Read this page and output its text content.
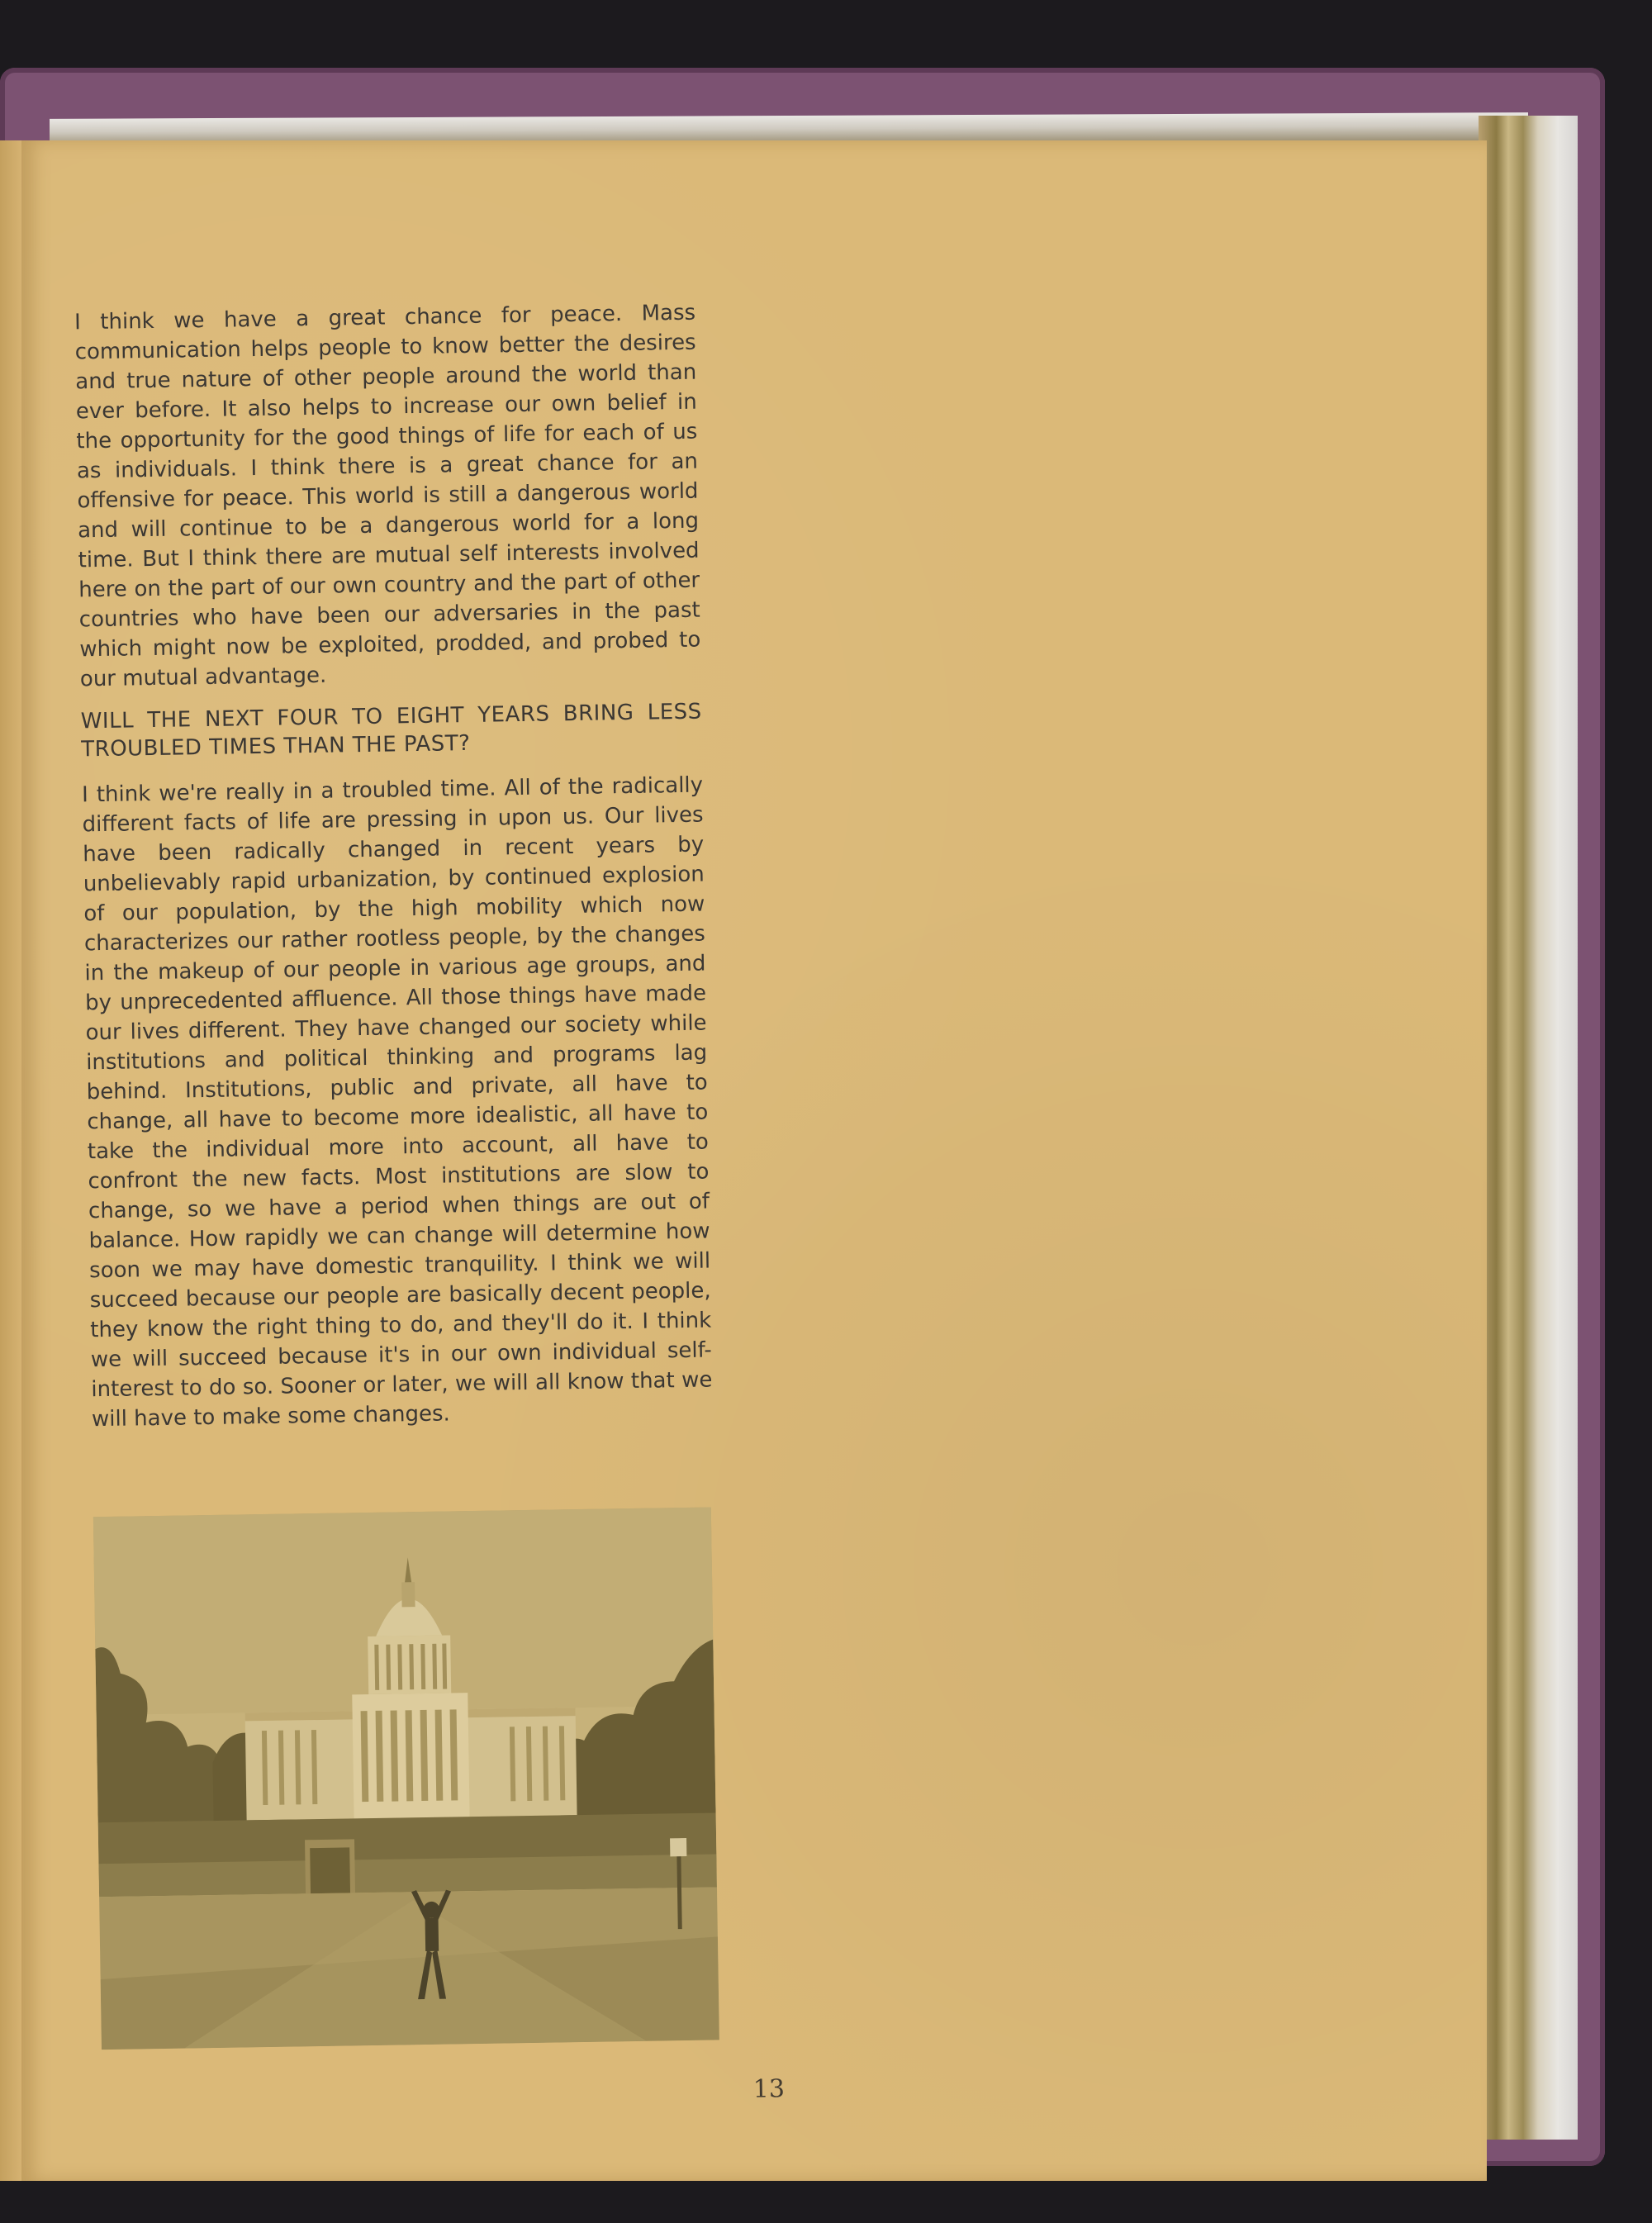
I think we have a great chance for peace. Mass communication helps people to know better the desires and true nature of other people around the world than ever before. It also helps to increase our own belief in the opportunity for the good things of life for each of us as individuals. I think there is a great chance for an offensive for peace. This world is still a dangerous world and will continue to be a dangerous world for a long time. But I think there are mutual self interests involved here on the part of our own country and the part of other countries who have been our adversaries in the past which might now be exploited, prodded, and probed to our mutual advantage.

WILL THE NEXT FOUR TO EIGHT YEARS BRING LESS TROUBLED TIMES THAN THE PAST?

I think we're really in a troubled time. All of the radically different facts of life are pressing in upon us. Our lives have been radically changed in recent years by unbelievably rapid urbanization, by continued explosion of our population, by the high mobility which now characterizes our rather rootless people, by the changes in the makeup of our people in various age groups, and by unprecedented affluence. All those things have made our lives different. They have changed our society while institutions and political thinking and programs lag behind. Institutions, public and private, all have to change, all have to become more idealistic, all have to take the individual more into account, all have to confront the new facts. Most institutions are slow to change, so we have a period when things are out of balance. How rapidly we can change will determine how soon we may have domestic tranquility. I think we will succeed because our people are basically decent people, they know the right thing to do, and they'll do it. I think we will succeed because it's in our own individual self-interest to do so. Sooner or later, we will all know that we will have to make some changes.

13
